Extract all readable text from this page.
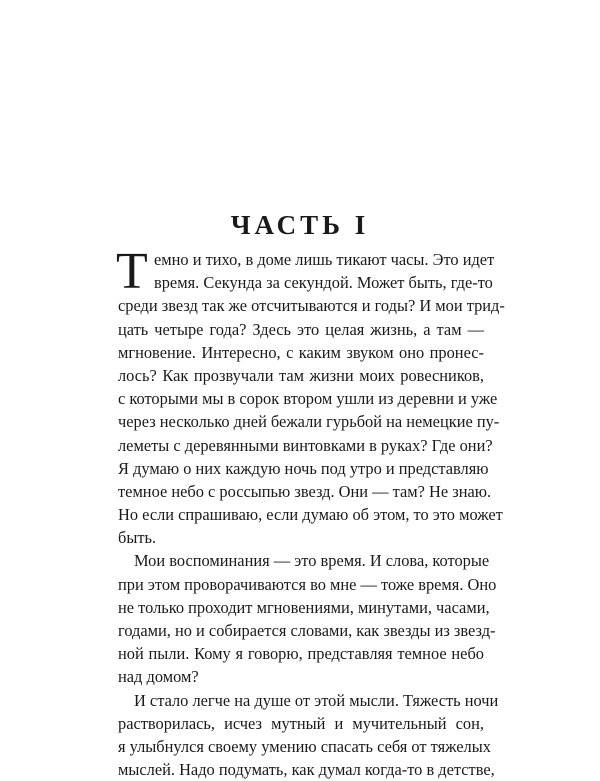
ЧАСТЬ I
Т емно и тихо, в доме лишь тикают часы. Это идет
время. Секунда за секундой. Может быть, где-то
среди звезд так же отсчитываются и годы? И мои трид-
цать четыре года? Здесь это целая жизнь, а там —
мгновение. Интересно, с каким звуком оно пронес-
лось? Как прозвучали там жизни моих ровесников,
с которыми мы в сорок втором ушли из деревни и уже
через несколько дней бежали гурьбой на немецкие пу-
леметы с деревянными винтовками в руках? Где они?
Я думаю о них каждую ночь под утро и представляю
темное небо с россыпью звезд. Они — там? Не знаю.
Но если спрашиваю, если думаю об этом, то это может
быть.
Мои воспоминания — это время. И слова, которые
при этом проворачиваются во мне — тоже время. Оно
не только проходит мгновениями, минутами, часами,
годами, но и собирается словами, как звезды из звезд-
ной пыли. Кому я говорю, представляя темное небо
над домом?
И стало легче на душе от этой мысли. Тяжесть ночи
растворилась, исчез мутный и мучительный сон,
я улыбнулся своему умению спасать себя от тяжелых
мыслей. Надо подумать, как думал когда-то в детстве,
